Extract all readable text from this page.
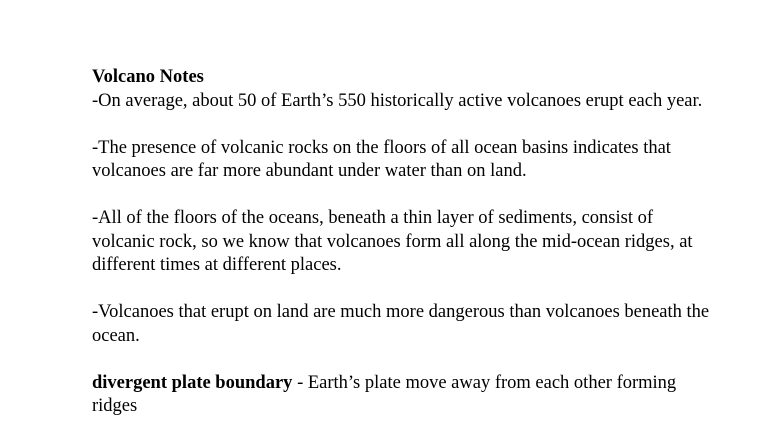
Volcano Notes

-On average, about 50 of Earth’s 550 historically active volcanoes erupt each year.

-The presence of volcanic rocks on the floors of all ocean basins indicates that volcanoes are far more abundant under water than on land.

-All of the floors of the oceans, beneath a thin layer of sediments, consist of volcanic rock, so we know that volcanoes form all along the mid-ocean ridges, at different times at different places.

-Volcanoes that erupt on land are much more dangerous than volcanoes beneath the ocean.

divergent plate boundary - Earth’s plate move away from each other forming ridges
